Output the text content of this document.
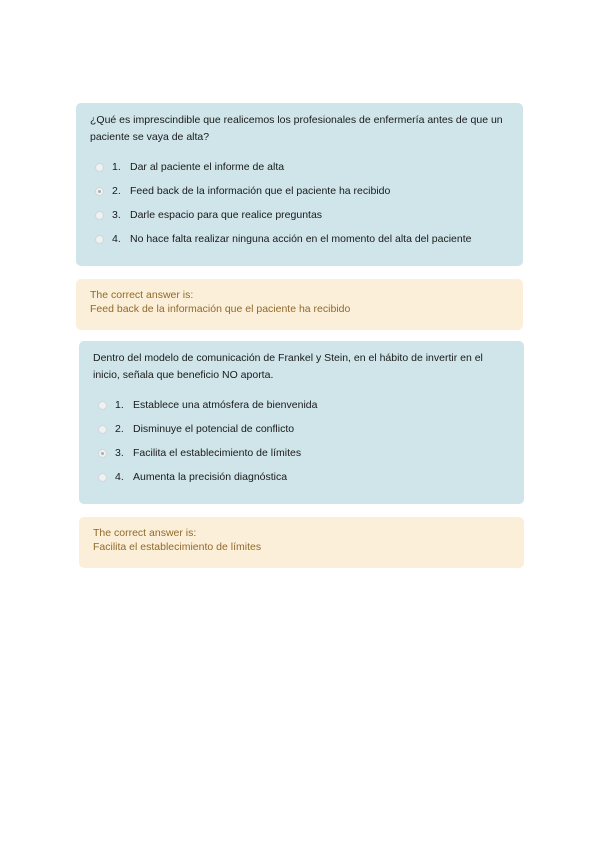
¿Qué es imprescindible que realicemos los profesionales de enfermería antes de que un paciente se vaya de alta?

1. Dar al paciente el informe de alta
2. Feed back de la información que el paciente ha recibido
3. Darle espacio para que realice preguntas
4. No hace falta realizar ninguna acción en el momento del alta del paciente
The correct answer is:
Feed back de la información que el paciente ha recibido

Dentro del modelo de comunicación de Frankel y Stein, en el hábito de invertir en el inicio, señala que beneficio NO aporta.

1. Establece una atmósfera de bienvenida
2. Disminuye el potencial de conflicto
3. Facilita el establecimiento de límites
4. Aumenta la precisión diagnóstica
The correct answer is:
Facilita el establecimiento de límites
